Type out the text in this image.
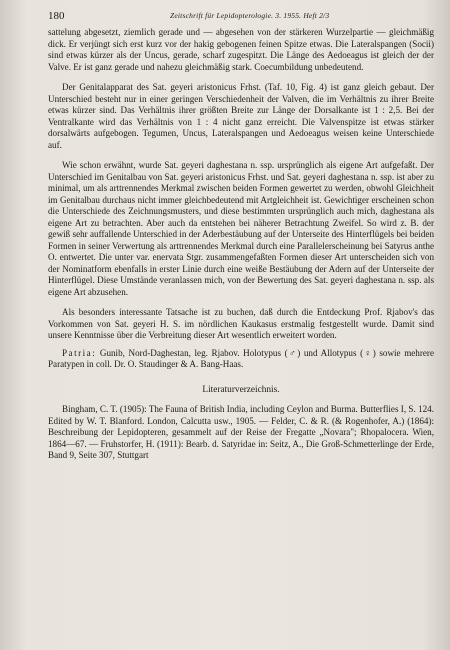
180	Zeitschrift für Lepidopterologie. 3. 1955. Heft 2/3

sattelung abgesetzt, ziemlich gerade und — abgesehen von der stärkeren Wurzelpartie — gleichmäßig dick. Er verjüngt sich erst kurz vor der hakig gebogenen feinen Spitze etwas. Die Lateralspangen (Socii) sind etwas kürzer als der Uncus, gerade, scharf zugespitzt. Die Länge des Aedoeagus ist gleich der der Valve. Er ist ganz gerade und nahezu gleichmäßig stark. Coecumbildung unbedeutend.

Der Genitalapparat des Sat. geyeri aristonicus Frhst. (Taf. 10, Fig. 4) ist ganz gleich gebaut. Der Unterschied besteht nur in einer geringen Verschiedenheit der Valven, die im Verhältnis zu ihrer Breite etwas kürzer sind. Das Verhältnis ihrer größten Breite zur Länge der Dorsalkante ist 1 : 2,5. Bei der Ventralkante wird das Verhältnis von 1 : 4 nicht ganz erreicht. Die Valvenspitze ist etwas stärker dorsalwärts aufgebogen. Tegumen, Uncus, Lateralspangen und Aedoeagus weisen keine Unterschiede auf.

Wie schon erwähnt, wurde Sat. geyeri daghestana n. ssp. ursprünglich als eigene Art aufgefaßt. Der Unterschied im Genitalbau von Sat. geyeri aristonicus Frhst. und Sat. geyeri daghestana n. ssp. ist aber zu minimal, um als arttrennendes Merkmal zwischen beiden Formen gewertet zu werden, obwohl Gleichheit im Genitalbau durchaus nicht immer gleichbedeutend mit Artgleichheit ist. Gewichtiger erscheinen schon die Unterschiede des Zeichnungsmusters, und diese bestimmten ursprünglich auch mich, daghestana als eigene Art zu betrachten. Aber auch da entstehen bei näherer Betrachtung Zweifel. So wird z. B. der gewiß sehr auffallende Unterschied in der Aderbestäubung auf der Unterseite des Hinterflügels bei beiden Formen in seiner Verwertung als arttrennendes Merkmal durch eine Parallelerscheinung bei Satyrus anthe O. entwertet. Die unter var. enervata Stgr. zusammengefaßten Formen dieser Art unterscheiden sich von der Nominatform ebenfalls in erster Linie durch eine weiße Bestäubung der Adern auf der Unterseite der Hinterflügel. Diese Umstände veranlassen mich, von der Bewertung des Sat. geyeri daghestana n. ssp. als eigene Art abzusehen.

Als besonders interessante Tatsache ist zu buchen, daß durch die Entdeckung Prof. Rjabov's das Vorkommen von Sat. geyeri H. S. im nördlichen Kaukasus erstmalig festgestellt wurde. Damit sind unsere Kenntnisse über die Verbreitung dieser Art wesentlich erweitert worden.

Patria: Gunib, Nord-Daghestan, leg. Rjabov. Holotypus (♂) und Allotypus (♀) sowie mehrere Paratypen in coll. Dr. O. Staudinger & A. Bang-Haas.

Literaturverzeichnis.

Bingham, C. T. (1905): The Fauna of British India, including Ceylon and Burma. Butterflies I, S. 124. Edited by W. T. Blanford. London, Calcutta usw., 1905. — Felder, C. & R. (& Rogenhofer, A.) (1864): Beschreibung der Lepidopteren, gesammelt auf der Reise der Fregatte „Novara"; Rhopalocera. Wien, 1864—67. — Fruhstorfer, H. (1911): Bearb. d. Satyridae in: Seitz, A., Die Groß-Schmetterlinge der Erde, Band 9, Seite 307, Stuttgart
